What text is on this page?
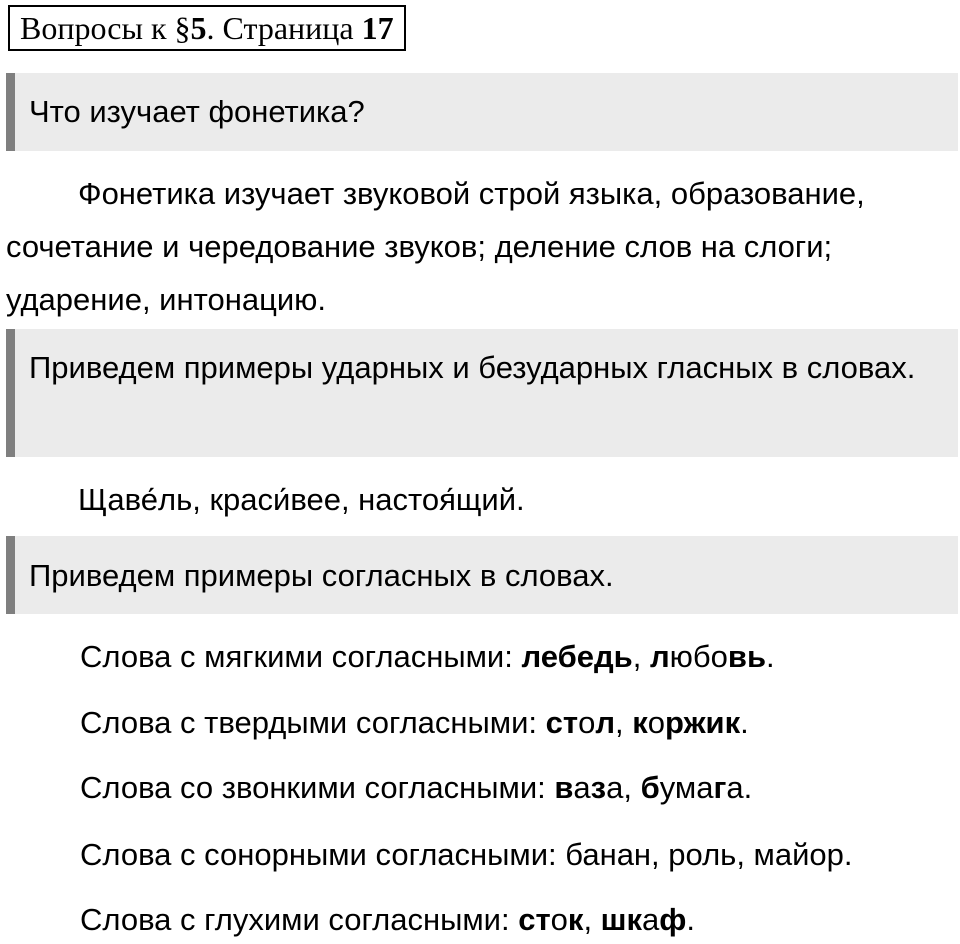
Вопросы к §5. Страница 17
Что изучает фонетика?
Фонетика изучает звуковой строй языка, образование, сочетание и чередование звуков; деление слов на слоги; ударение, интонацию.
Приведем примеры ударных и безударных гласных в словах.
Щаве́ль, краси́вее, настоя́щий.
Приведем примеры согласных в словах.
Слова с мягкими согласными: лебедь, любовь.
Слова с твердыми согласными: стол, коржик.
Слова со звонкими согласными: ваза, бумага.
Слова с сонорными согласными: банан, роль, майор.
Слова с глухими согласными: сток, шкаф.
